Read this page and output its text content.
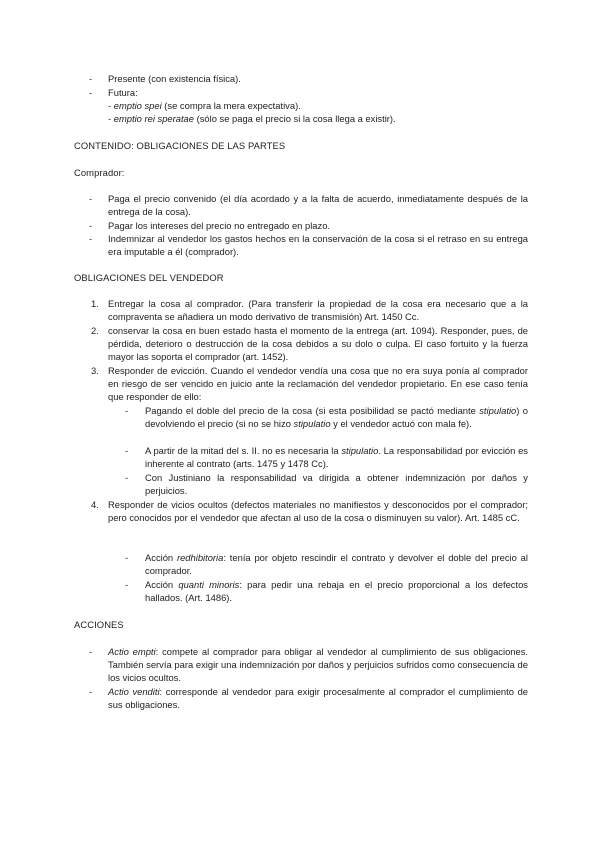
- Presente (con existencia física).
- Futura:
- emptio spei (se compra la mera expectativa).
- emptio rei speratae (sólo se paga el precio si la cosa llega a existir).
CONTENIDO: OBLIGACIONES DE LAS PARTES
Comprador:
- Paga el precio convenido (el día acordado y a la falta de acuerdo, inmediatamente después de la entrega de la cosa).
- Pagar los intereses del precio no entregado en plazo.
- Indemnizar al vendedor los gastos hechos en la conservación de la cosa si el retraso en su entrega era imputable a él (comprador).
OBLIGACIONES DEL VENDEDOR
1. Entregar la cosa al comprador. (Para transferir la propiedad de la cosa era necesario que a la compraventa se añadiera un modo derivativo de transmisión) Art. 1450 Cc.
2. conservar la cosa en buen estado hasta el momento de la entrega (art. 1094). Responder, pues, de pérdida, deterioro o destrucción de la cosa debidos a su dolo o culpa. El caso fortuito y la fuerza mayor las soporta el comprador (art. 1452).
3. Responder de evicción. Cuando el vendedor vendía una cosa que no era suya ponía al comprador en riesgo de ser vencido en juicio ante la reclamación del vendedor propietario. En ese caso tenía que responder de ello:
- Pagando el doble del precio de la cosa (si esta posibilidad se pactó mediante stipulatio) o devolviendo el precio (si no se hizo stipulatio y el vendedor actuó con mala fe).
- A partir de la mitad del s. II. no es necesaria la stipulatio. La responsabilidad por evicción es inherente al contrato (arts. 1475 y 1478 Cc).
- Con Justiniano la responsabilidad va dirigida a obtener indemnización por daños y perjuicios.
4. Responder de vicios ocultos (defectos materiales no manifiestos y desconocidos por el comprador; pero conocidos por el vendedor que afectan al uso de la cosa o disminuyen su valor). Art. 1485 cC.
- Acción redhibitoria: tenía por objeto rescindir el contrato y devolver el doble del precio al comprador.
- Acción quanti minoris: para pedir una rebaja en el precio proporcional a los defectos hallados. (Art. 1486).
ACCIONES
- Actio empti: compete al comprador para obligar al vendedor al cumplimiento de sus obligaciones. También servía para exigir una indemnización por daños y perjuicios sufridos como consecuencia de los vicios ocultos.
- Actio venditi: corresponde al vendedor para exigir procesalmente al comprador el cumplimiento de sus obligaciones.
